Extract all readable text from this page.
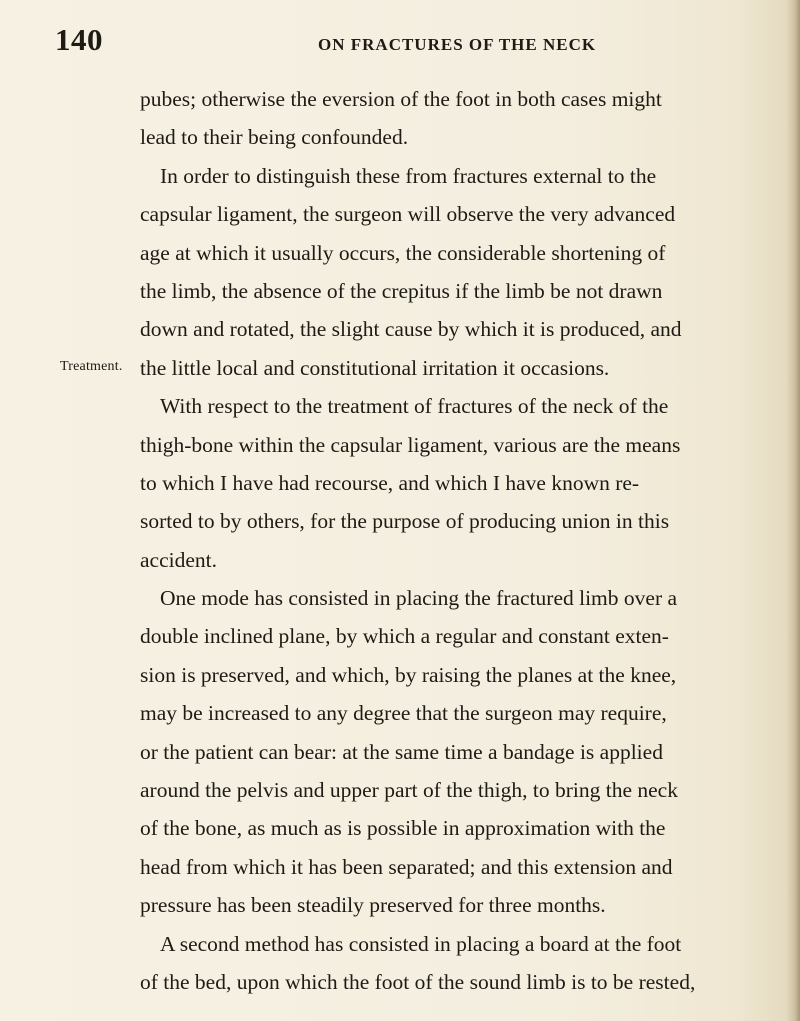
140	ON FRACTURES OF THE NECK
Treatment.
pubes; otherwise the eversion of the foot in both cases might
lead to their being confounded.
In order to distinguish these from fractures external to the
capsular ligament, the surgeon will observe the very advanced
age at which it usually occurs, the considerable shortening of
the limb, the absence of the crepitus if the limb be not drawn
down and rotated, the slight cause by which it is produced, and
the little local and constitutional irritation it occasions.
With respect to the treatment of fractures of the neck of the
thigh-bone within the capsular ligament, various are the means
to which I have had recourse, and which I have known re-
sorted to by others, for the purpose of producing union in this
accident.
One mode has consisted in placing the fractured limb over a
double inclined plane, by which a regular and constant exten-
sion is preserved, and which, by raising the planes at the knee,
may be increased to any degree that the surgeon may require,
or the patient can bear: at the same time a bandage is applied
around the pelvis and upper part of the thigh, to bring the neck
of the bone, as much as is possible in approximation with the
head from which it has been separated; and this extension and
pressure has been steadily preserved for three months.
A second method has consisted in placing a board at the foot
of the bed, upon which the foot of the sound limb is to be rested,
